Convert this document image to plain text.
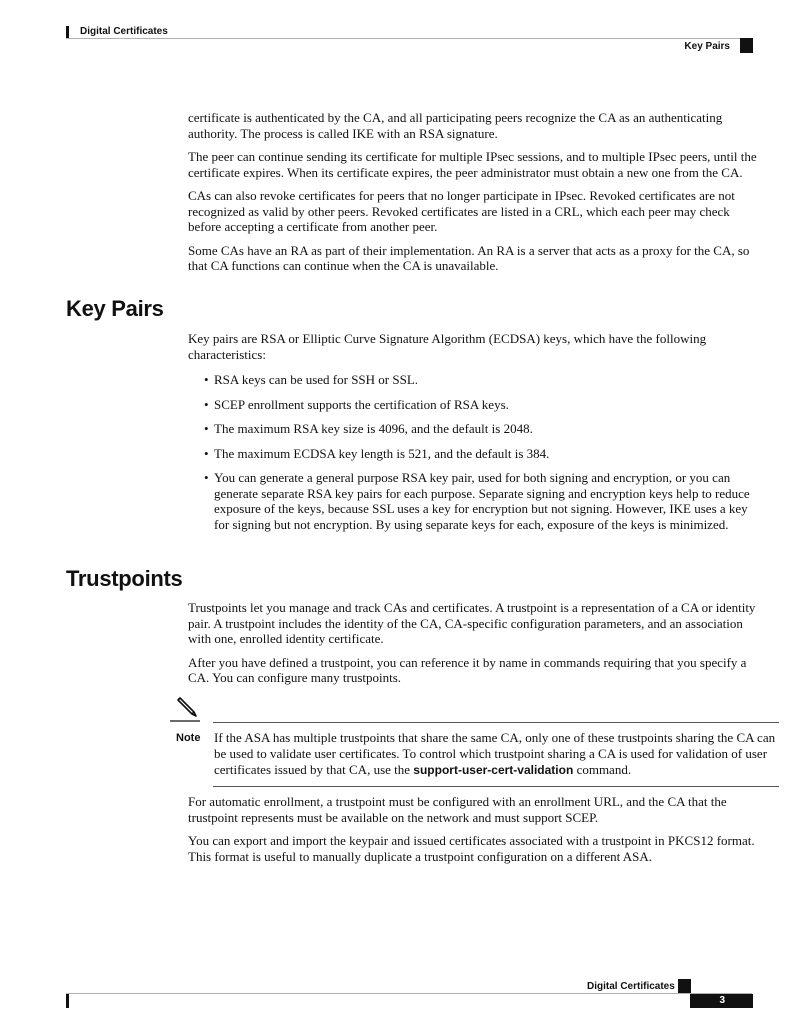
Digital Certificates
Key Pairs

certificate is authenticated by the CA, and all participating peers recognize the CA as an authenticating authority. The process is called IKE with an RSA signature.

The peer can continue sending its certificate for multiple IPsec sessions, and to multiple IPsec peers, until the certificate expires. When its certificate expires, the peer administrator must obtain a new one from the CA.

CAs can also revoke certificates for peers that no longer participate in IPsec. Revoked certificates are not recognized as valid by other peers. Revoked certificates are listed in a CRL, which each peer may check before accepting a certificate from another peer.

Some CAs have an RA as part of their implementation. An RA is a server that acts as a proxy for the CA, so that CA functions can continue when the CA is unavailable.

Key Pairs

Key pairs are RSA or Elliptic Curve Signature Algorithm (ECDSA) keys, which have the following characteristics:

• RSA keys can be used for SSH or SSL.
• SCEP enrollment supports the certification of RSA keys.
• The maximum RSA key size is 4096, and the default is 2048.
• The maximum ECDSA key length is 521, and the default is 384.
• You can generate a general purpose RSA key pair, used for both signing and encryption, or you can generate separate RSA key pairs for each purpose. Separate signing and encryption keys help to reduce exposure of the keys, because SSL uses a key for encryption but not signing. However, IKE uses a key for signing but not encryption. By using separate keys for each, exposure of the keys is minimized.
Trustpoints

Trustpoints let you manage and track CAs and certificates. A trustpoint is a representation of a CA or identity pair. A trustpoint includes the identity of the CA, CA-specific configuration parameters, and an association with one, enrolled identity certificate.

After you have defined a trustpoint, you can reference it by name in commands requiring that you specify a CA. You can configure many trustpoints.

Note If the ASA has multiple trustpoints that share the same CA, only one of these trustpoints sharing the CA can be used to validate user certificates. To control which trustpoint sharing a CA is used for validation of user certificates issued by that CA, use the support-user-cert-validation command.

For automatic enrollment, a trustpoint must be configured with an enrollment URL, and the CA that the trustpoint represents must be available on the network and must support SCEP.

You can export and import the keypair and issued certificates associated with a trustpoint in PKCS12 format. This format is useful to manually duplicate a trustpoint configuration on a different ASA.

Digital Certificates
3
